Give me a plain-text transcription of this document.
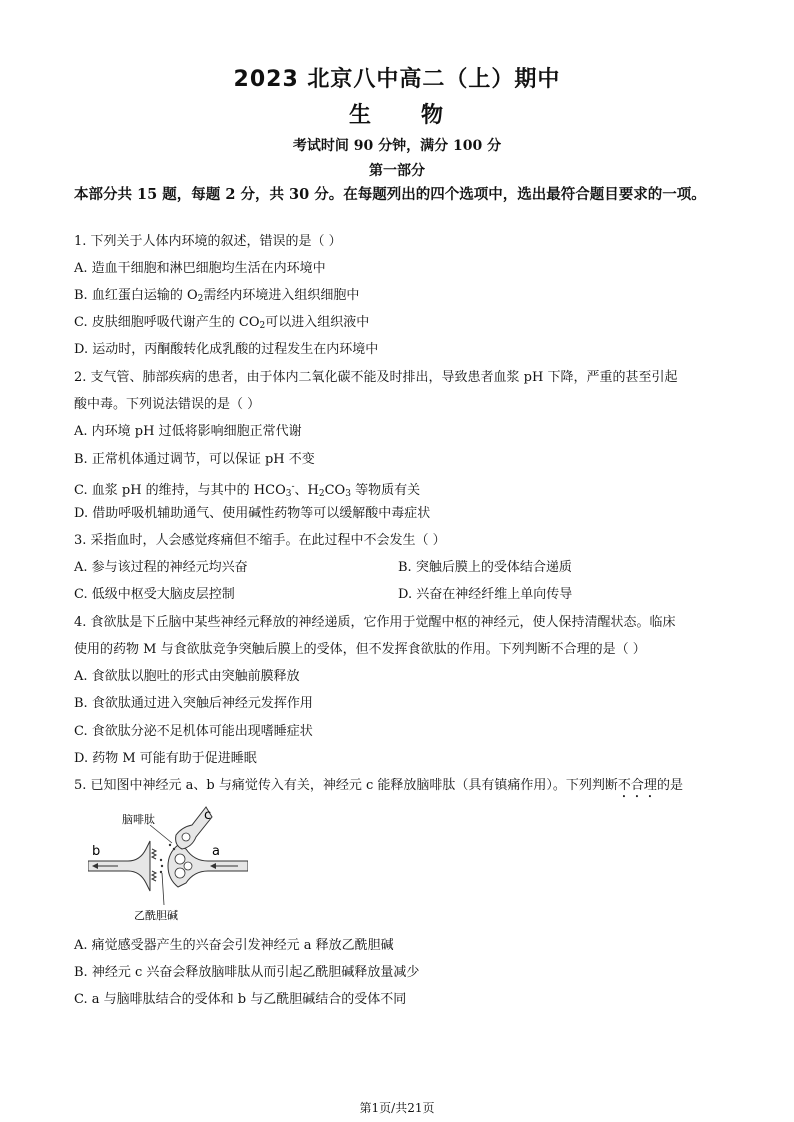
2023 北京八中高二（上）期中
生　　物
考试时间 90 分钟，满分 100 分
第一部分
本部分共 15 题，每题 2 分，共 30 分。在每题列出的四个选项中，选出最符合题目要求的一项。
1. 下列关于人体内环境的叙述，错误的是（ ）
A. 造血干细胞和淋巴细胞均生活在内环境中
B. 血红蛋白运输的 $O_2$需经内环境进入组织细胞中
C. 皮肤细胞呼吸代谢产生的 $CO_2$可以进入组织液中
D. 运动时，丙酮酸转化成乳酸的过程发生在内环境中
2. 支气管、肺部疾病的患者，由于体内二氧化碳不能及时排出，导致患者血浆 pH 下降，严重的甚至引起
酸中毒。下列说法错误的是（ ）
A. 内环境 pH 过低将影响细胞正常代谢
B. 正常机体通过调节，可以保证 pH 不变
C. 血浆 pH 的维持，与其中的 $HCO_3^-$、$H_2CO_3$ 等物质有关
D. 借助呼吸机辅助通气、使用碱性药物等可以缓解酸中毒症状
3. 采指血时，人会感觉疼痛但不缩手。在此过程中不会发生（ ）
A. 参与该过程的神经元均兴奋	B. 突触后膜上的受体结合递质
C. 低级中枢受大脑皮层控制	D. 兴奋在神经纤维上单向传导
4. 食欲肽是下丘脑中某些神经元释放的神经递质，它作用于觉醒中枢的神经元，使人保持清醒状态。临床
使用的药物 M 与食欲肽竞争突触后膜上的受体，但不发挥食欲肽的作用。下列判断不合理的是（ ）
A. 食欲肽以胞吐的形式由突触前膜释放
B. 食欲肽通过进入突触后神经元发挥作用
C. 食欲肽分泌不足机体可能出现嗜睡症状
D. 药物 M 可能有助于促进睡眠
5. 已知图中神经元 a、b 与痛觉传入有关，神经元 c 能释放脑啡肽（具有镇痛作用）。下列判断不合理的是
脑啡肽	c
b	a
乙酰胆碱
A. 痛觉感受器产生的兴奋会引发神经元 a 释放乙酰胆碱
B. 神经元 c 兴奋会释放脑啡肽从而引起乙酰胆碱释放量减少
C. a 与脑啡肽结合的受体和 b 与乙酰胆碱结合的受体不同
第1页/共21页
